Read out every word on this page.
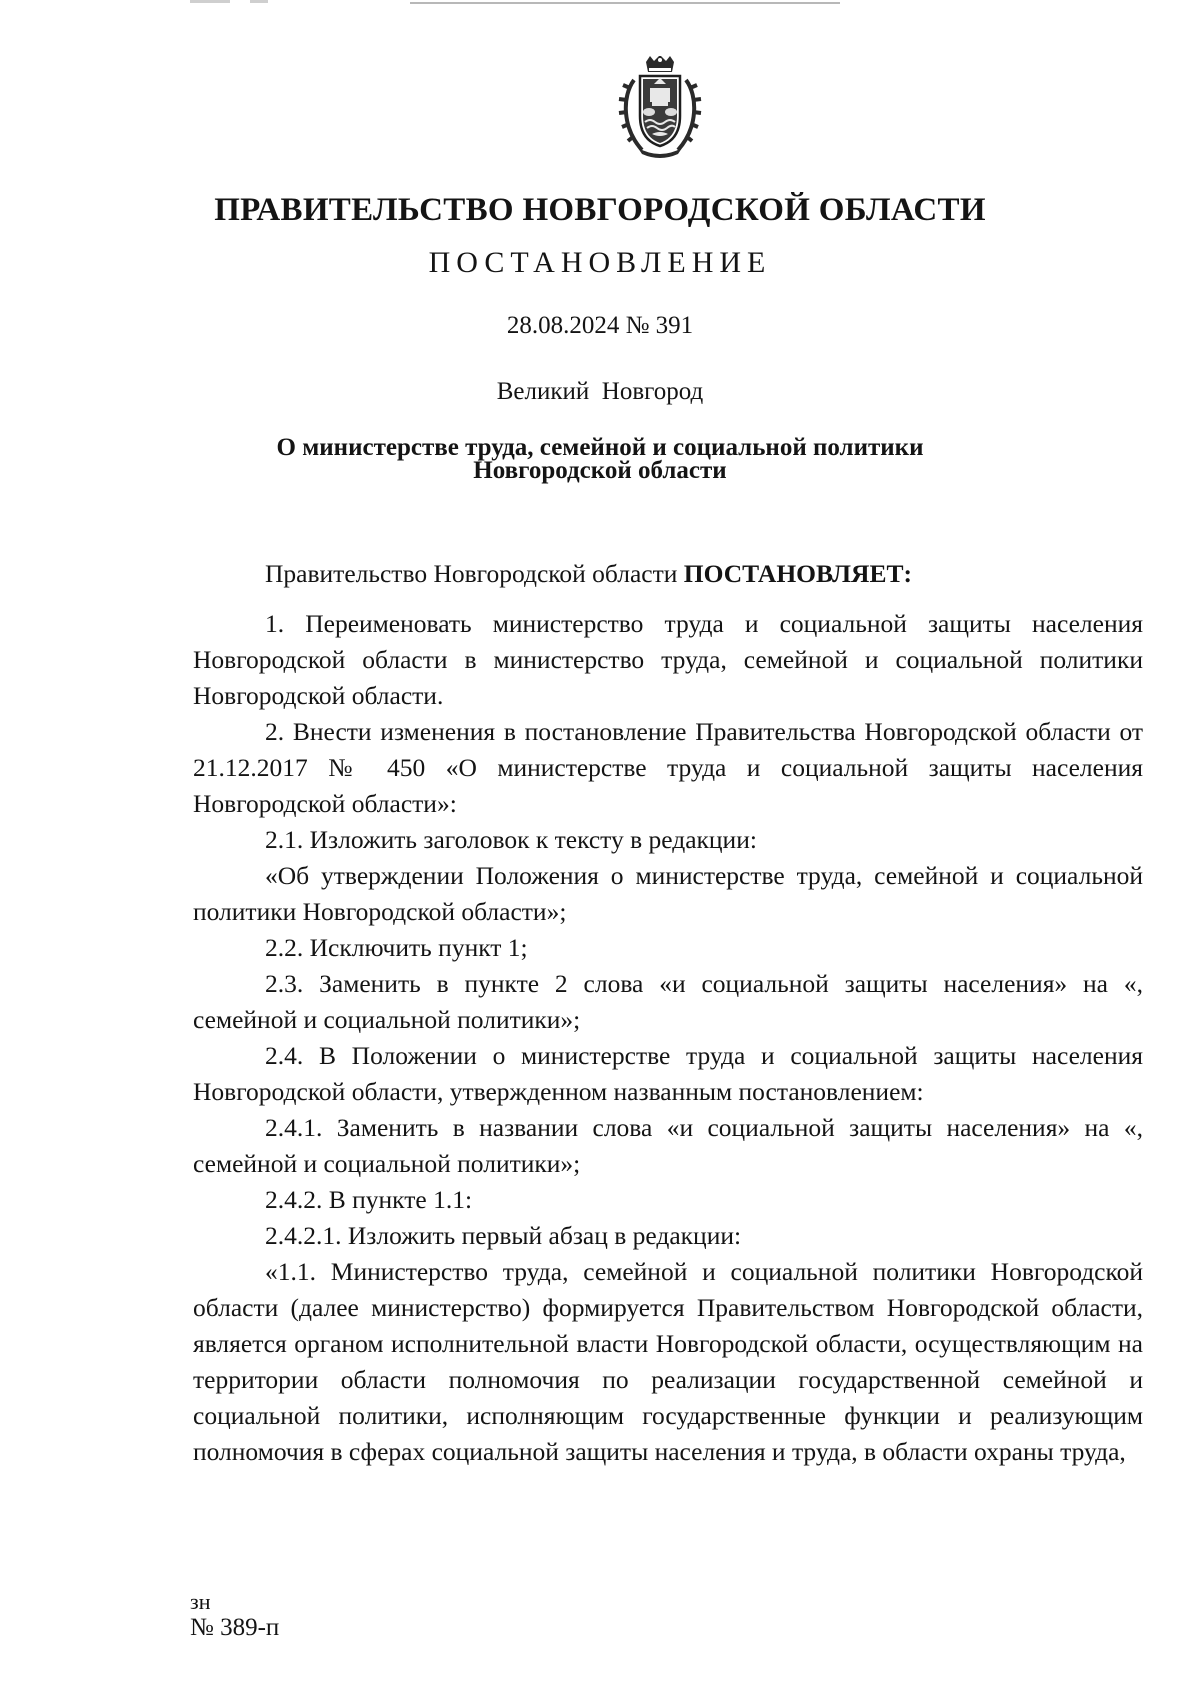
ПРАВИТЕЛЬСТВО НОВГОРОДСКОЙ ОБЛАСТИ
ПОСТАНОВЛЕНИЕ
28.08.2024 № 391
Великий  Новгород
О министерстве труда, семейной и социальной политики
Новгородской области

Правительство Новгородской области ПОСТАНОВЛЯЕТ:

1. Переименовать министерство труда и социальной защиты населения Новгородской области в министерство труда, семейной и социальной политики Новгородской области.

2. Внести изменения в постановление Правительства Новгородской области от 21.12.2017 № 450 «О министерстве труда и социальной защиты населения Новгородской области»:

2.1. Изложить заголовок к тексту в редакции:

«Об утверждении Положения о министерстве труда, семейной и социальной политики Новгородской области»;

2.2. Исключить пункт 1;

2.3. Заменить в пункте 2 слова «и социальной защиты населения» на «, семейной и социальной политики»;

2.4. В Положении о министерстве труда и социальной защиты населения Новгородской области, утвержденном названным постановлением:

2.4.1. Заменить в названии слова «и социальной защиты населения» на «, семейной и социальной политики»;

2.4.2. В пункте 1.1:

2.4.2.1. Изложить первый абзац в редакции:

«1.1. Министерство труда, семейной и социальной политики Новгородской области (далее министерство) формируется Правительством Новгородской области, является органом исполнительной власти Новгородской области, осуществляющим на территории области полномочия по реализации государственной семейной и социальной политики, исполняющим государственные функции и реализующим полномочия в сферах социальной защиты населения и труда, в области охраны труда,

зн
№ 389-п
